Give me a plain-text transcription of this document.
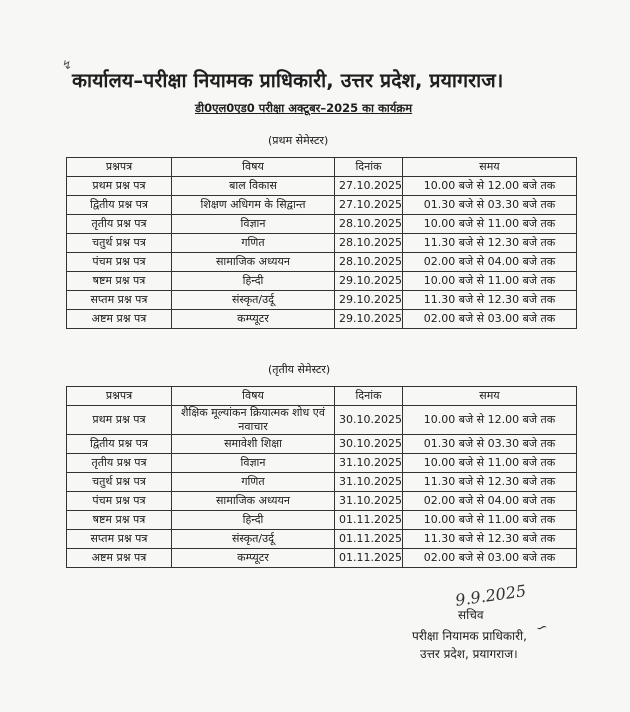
↯
कार्यालय–परीक्षा नियामक प्राधिकारी, उत्तर प्रदेश, प्रयागराज।
डी0एल0एड0 परीक्षा अक्टूबर–2025 का कार्यक्रम
(प्रथम सेमेस्टर)
प्रश्नपत्र	विषय	दिनांक	समय
प्रथम प्रश्न पत्र	बाल विकास	27.10.2025	10.00 बजे से 12.00 बजे तक
द्वितीय प्रश्न पत्र	शिक्षण अधिगम के सिद्वान्त	27.10.2025	01.30 बजे से 03.30 बजे तक
तृतीय प्रश्न पत्र	विज्ञान	28.10.2025	10.00 बजे से 11.00 बजे तक
चतुर्थ प्रश्न पत्र	गणित	28.10.2025	11.30 बजे से 12.30 बजे तक
पंचम प्रश्न पत्र	सामाजिक अध्ययन	28.10.2025	02.00 बजे से 04.00 बजे तक
षष्टम प्रश्न पत्र	हिन्दी	29.10.2025	10.00 बजे से 11.00 बजे तक
सप्तम प्रश्न पत्र	संस्कृत/उर्दू	29.10.2025	11.30 बजे से 12.30 बजे तक
अष्टम प्रश्न पत्र	कम्प्यूटर	29.10.2025	02.00 बजे से 03.00 बजे तक
(तृतीय सेमेस्टर)
प्रश्नपत्र	विषय	दिनांक	समय
प्रथम प्रश्न पत्र	शैक्षिक मूल्यांकन क्रियात्मक शोध एवं नवाचार	30.10.2025	10.00 बजे से 12.00 बजे तक
द्वितीय प्रश्न पत्र	समावेशी शिक्षा	30.10.2025	01.30 बजे से 03.30 बजे तक
तृतीय प्रश्न पत्र	विज्ञान	31.10.2025	10.00 बजे से 11.00 बजे तक
चतुर्थ प्रश्न पत्र	गणित	31.10.2025	11.30 बजे से 12.30 बजे तक
पंचम प्रश्न पत्र	सामाजिक अध्ययन	31.10.2025	02.00 बजे से 04.00 बजे तक
षष्टम प्रश्न पत्र	हिन्दी	01.11.2025	10.00 बजे से 11.00 बजे तक
सप्तम प्रश्न पत्र	संस्कृत/उर्दू	01.11.2025	11.30 बजे से 12.30 बजे तक
अष्टम प्रश्न पत्र	कम्प्यूटर	01.11.2025	02.00 बजे से 03.00 बजे तक
9.9.2025
सचिव
∽
परीक्षा नियामक प्राधिकारी,
उत्तर प्रदेश, प्रयागराज।
